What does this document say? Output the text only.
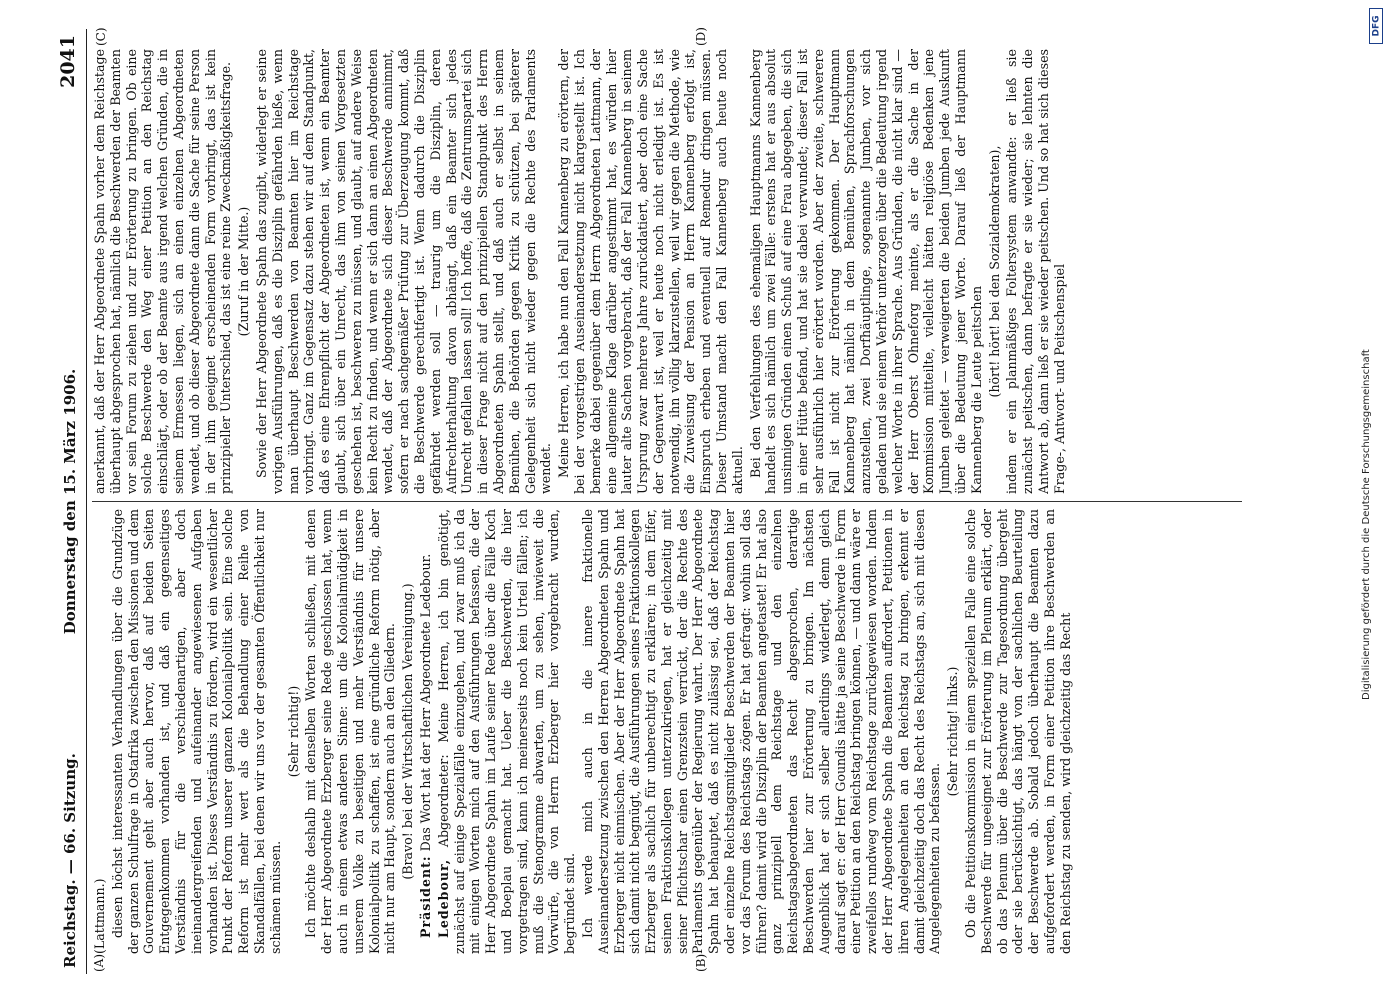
Reichstag. — 66. Sitzung.
Donnerstag den 15. März 1906.
2041
(A)	(B)
(C)	(D)

(Lattmann.) diesen höchst interessanten Verhandlungen über die Grundzüge der ganzen Schulfrage in Ostafrika zwischen den Missionen und dem Gouvernement geht aber auch hervor, daß auf beiden Seiten Entgegenkommen vorhanden ist, und daß ein gegenseitiges Verständnis für die verschiedenartigen, aber doch ineinandergreifenden und aufeinander angewiesenen Aufgaben vorhanden ist. Dieses Verständnis zu fördern, wird ein wesentlicher Punkt der Reform unserer ganzen Kolonialpolitik sein. Eine solche Reform ist mehr wert als die Behandlung einer Reihe von Skandalfällen, bei denen wir uns vor der gesamten Öffentlichkeit nur schämen müssen.

(Sehr richtig!) Ich möchte deshalb mit denselben Worten schließen, mit denen der Herr Abgeordnete Erzberger seine Rede geschlossen hat, wenn auch in einem etwas anderen Sinne: um die Kolonialmüdigkeit in unserem Volke zu beseitigen und mehr Verständnis für unsere Kolonialpolitik zu schaffen, ist eine gründliche Reform nötig, aber nicht nur am Haupt, sondern auch an den Gliedern. (Bravo! bei der Wirtschaftlichen Vereinigung.)

Präsident: Das Wort hat der Herr Abgeordnete Ledebour.

Ledebour, Abgeordneter: Meine Herren, ich bin genötigt, zunächst auf einige Spezialfälle einzugehen, und zwar muß ich da mit einigen Worten mich auf den Ausführungen befassen, die der Herr Abgeordnete Spahn im Laufe seiner Rede über die Fälle Koch und Boeplau gemacht hat. Ueber die Beschwerden, die hier vorgetragen sind, kann ich meinerseits noch kein Urteil fällen; ich muß die Stenogramme abwarten, um zu sehen, inwieweit die Vorwürfe, die von Herrn Erzberger hier vorgebracht wurden, begründet sind. Ich werde mich auch in die innere fraktionelle Auseinandersetzung zwischen den Herren Abgeordneten Spahn und Erzberger nicht einmischen. Aber der Herr Abgeordnete Spahn hat sich damit nicht begnügt, die Ausführungen seines Fraktionskollegen Erzberger als sachlich für unberechtigt zu erklären; in dem Eifer, seinen Fraktionskollegen unterzukriegen, hat er gleichzeitig mit seiner Pflichtschar einen Grenzstein verrückt, der die Rechte des Parlaments gegenüber der Regierung wahrt. Der Herr Abgeordnete Spahn hat behauptet, daß es nicht zulässig sei, daß der Reichstag oder einzelne Reichstagsmitglieder Beschwerden der Beamten hier vor das Forum des Reichstags zögen. Er hat gefragt: wohin soll das führen? damit wird die Disziplin der Beamten angetastet! Er hat also ganz prinzipiell dem Reichstage und den einzelnen Reichstagsabgeordneten das Recht abgesprochen, derartige Beschwerden hier zur Erörterung zu bringen. Im nächsten Augenblick hat er sich selber allerdings widerlegt, denn gleich darauf sagt er: der Herr Goundis hätte ja seine Beschwerde in Form einer Petition an den Reichstag bringen können, — und dann wäre er zweifellos rundweg vom Reichstage zurückgewiesen worden. Indem der Herr Abgeordnete Spahn die Beamten auffordert, Petitionen in ihren Angelegenheiten an den Reichstag zu bringen, erkennt er damit gleichzeitig doch das Recht des Reichstags an, sich mit diesen Angelegenheiten zu befassen.

(Sehr richtig! links.) Ob die Petitionskommission in einem speziellen Falle eine solche Beschwerde für ungeeignet zur Erörterung im Plenum erklärt, oder ob das Plenum über die Beschwerde zur Tagesordnung übergeht oder sie berücksichtigt, das hängt von der sachlichen Beurteilung der Beschwerde ab. Sobald jedoch überhaupt die Beamten dazu aufgefordert werden, in Form einer Petition ihre Beschwerden an den Reichstag zu senden, wird gleichzeitig das Recht

anerkannt, daß der Herr Abgeordnete Spahn vorher dem Reichstage überhaupt abgesprochen hat, nämlich die Beschwerden der Beamten vor sein Forum zu ziehen und zur Erörterung zu bringen. Ob eine solche Beschwerde den Weg einer Petition an den Reichstag einschlägt, oder ob der Beamte aus irgend welchen Gründen, die in seinem Ermessen liegen, sich an einen einzelnen Abgeordneten wendet, und ob dieser Abgeordnete dann die Sache für seine Person in der ihm geeignet erscheinenden Form vorbringt, das ist kein prinzipieller Unterschied, das ist eine reine Zweckmäßigkeitsfrage. (Zuruf in der Mitte.) Sowie der Herr Abgeordnete Spahn das zugibt, widerlegt er seine vorigen Ausführungen, daß es die Disziplin gefährden hieße, wenn man überhaupt Beschwerden von Beamten hier im Reichstage vorbringt. Ganz im Gegensatz dazu stehen wir auf dem Standpunkt, daß es eine Ehrenpflicht der Abgeordneten ist, wenn ein Beamter glaubt, sich über ein Unrecht, das ihm von seinen Vorgesetzten geschehen ist, beschweren zu müssen, und glaubt, auf andere Weise kein Recht zu finden, und wenn er sich dann an einen Abgeordneten wendet, daß der Abgeordnete sich dieser Beschwerde annimmt, sofern er nach sachgemäßer Prüfung zur Überzeugung kommt, daß die Beschwerde gerechtfertigt ist. Wenn dadurch die Disziplin gefährdet werden soll — traurig um die Disziplin, deren Aufrechterhaltung davon abhängt, daß ein Beamter sich jedes Unrecht gefallen lassen soll! Ich hoffe, daß die Zentrumspartei sich in dieser Frage nicht auf den prinzipiellen Standpunkt des Herrn Abgeordneten Spahn stellt, und daß auch er selbst in seinem Bemühen, die Behörden gegen Kritik zu schützen, bei späterer Gelegenheit sich nicht wieder gegen die Rechte des Parlaments wendet. Meine Herren, ich habe nun den Fall Kannenberg zu erörtern, der bei der vorgestrigen Auseinandersetzung nicht klargestellt ist. Ich bemerke dabei gegenüber dem Herrn Abgeordneten Lattmann, der eine allgemeine Klage darüber angestimmt hat, es würden hier lauter alte Sachen vorgebracht, daß der Fall Kannenberg in seinem Ursprung zwar mehrere Jahre zurückdatiert, aber doch eine Sache der Gegenwart ist, weil er heute noch nicht erledigt ist. Es ist notwendig, ihn völlig klarzustellen, weil wir gegen die Methode, wie die Zuweisung der Pension an Herrn Kannenberg erfolgt ist, Einspruch erheben und eventuell auf Remedur dringen müssen. Dieser Umstand macht den Fall Kannenberg auch heute noch aktuell. Bei den Verfehlungen des ehemaligen Hauptmanns Kannenberg handelt es sich nämlich um zwei Fälle: erstens hat er aus absolut unsinnigen Gründen einen Schuß auf eine Frau abgegeben, die sich in einer Hütte befand, und hat sie dabei verwundet; dieser Fall ist sehr ausführlich hier erörtert worden. Aber der zweite, schwerere Fall ist nicht zur Erörterung gekommen. Der Hauptmann Kannenberg hat nämlich in dem Bemühen, Sprachforschungen anzustellen, zwei Dorfhäuptlinge, sogenannte Jumben, vor sich geladen und sie einem Verhör unterzogen über die Bedeutung irgend welcher Worte in ihrer Sprache. Aus Gründen, die nicht klar sind — der Herr Oberst Ohneforg meinte, als er die Sache in der Kommission mitteilte, vielleicht hätten religiöse Bedenken jene Jumben geleitet — verweigerten die beiden Jumben jede Auskunft über die Bedeutung jener Worte. Darauf ließ der Hauptmann Kannenberg die Leute peitschen (hört! hört! bei den Sozialdemokraten), indem er ein planmäßiges Foltersystem anwandte: er ließ sie zunächst peitschen, dann befragte er sie wieder; sie lehnten die Antwort ab, dann ließ er sie wieder peitschen. Und so hat sich dieses Frage-, Antwort- und Peitschenspiel	Digitalisierung gefördert durch die Deutsche Forschungsgemeinschaft
DFG
